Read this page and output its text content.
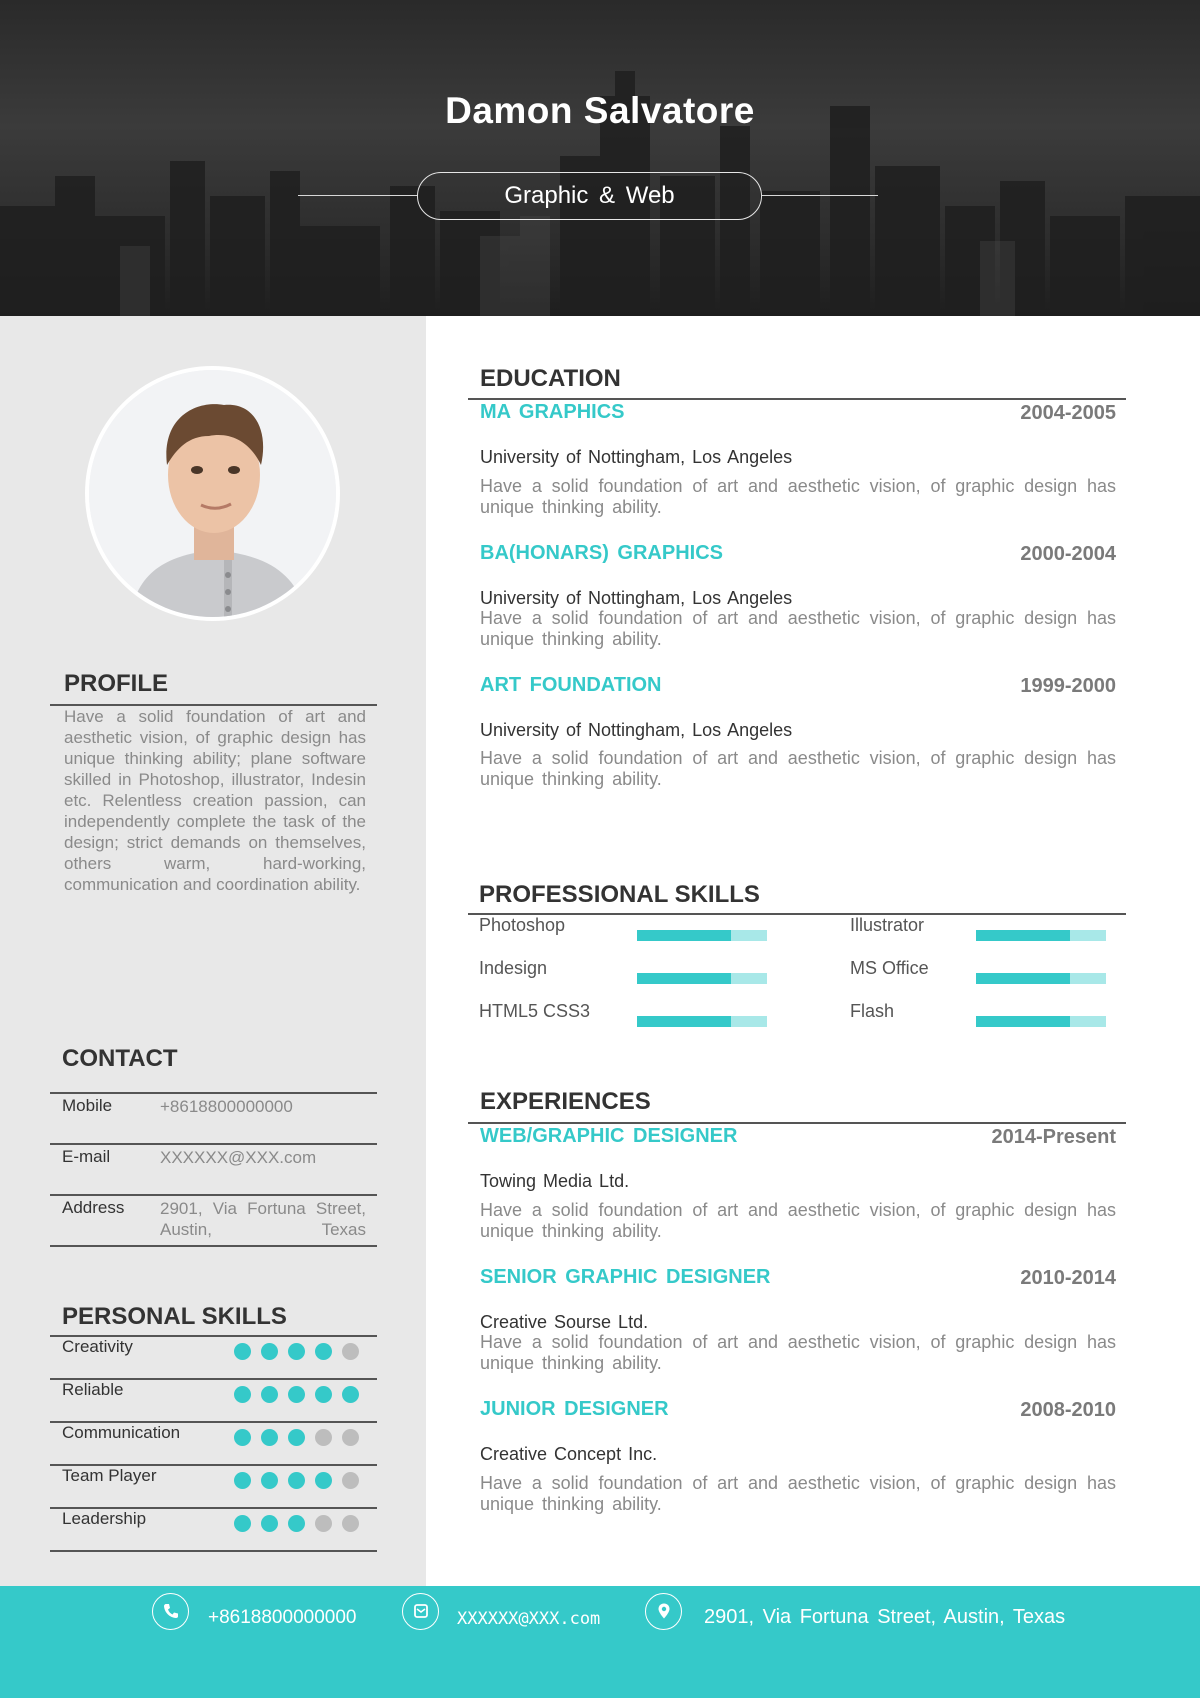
Damon Salvatore
Graphic & Web
PROFILE
Have a solid foundation of art and aesthetic vision, of graphic design has unique thinking ability; plane software skilled in Photoshop, illustrator, Indesin etc. Relentless creation passion, can independently complete the task of the design; strict demands on themselves, others warm, hard-working, communication and coordination ability.
CONTACT
Mobile	+8618800000000
E-mail	XXXXXX@XXX.com
Address 2901, Via Fortuna Street, Austin, Texas
PERSONAL SKILLS
Creativity
Reliable
Communication
Team Player
Leadership
EDUCATION
MA GRAPHICS	2004-2005
University of Nottingham, Los Angeles
Have a solid foundation of art and aesthetic vision, of graphic design has unique thinking ability.
BA(HONARS) GRAPHICS	2000-2004
University of Nottingham, Los Angeles
Have a solid foundation of art and aesthetic vision, of graphic design has unique thinking ability.
ART FOUNDATION	1999-2000
University of Nottingham, Los Angeles
Have a solid foundation of art and aesthetic vision, of graphic design has unique thinking ability.
PROFESSIONAL SKILLS
Photoshop	Illustrator
Indesign	MS Office
HTML5 CSS3	Flash
EXPERIENCES
WEB/GRAPHIC DESIGNER	2014-Present
Towing Media Ltd.
Have a solid foundation of art and aesthetic vision, of graphic design has unique thinking ability.
SENIOR GRAPHIC DESIGNER	2010-2014
Creative Sourse Ltd.
Have a solid foundation of art and aesthetic vision, of graphic design has unique thinking ability.
JUNIOR DESIGNER	2008-2010
Creative Concept Inc.
Have a solid foundation of art and aesthetic vision, of graphic design has unique thinking ability.
+8618800000000	XXXXXX@XXX.com	2901, Via Fortuna Street, Austin, Texas
